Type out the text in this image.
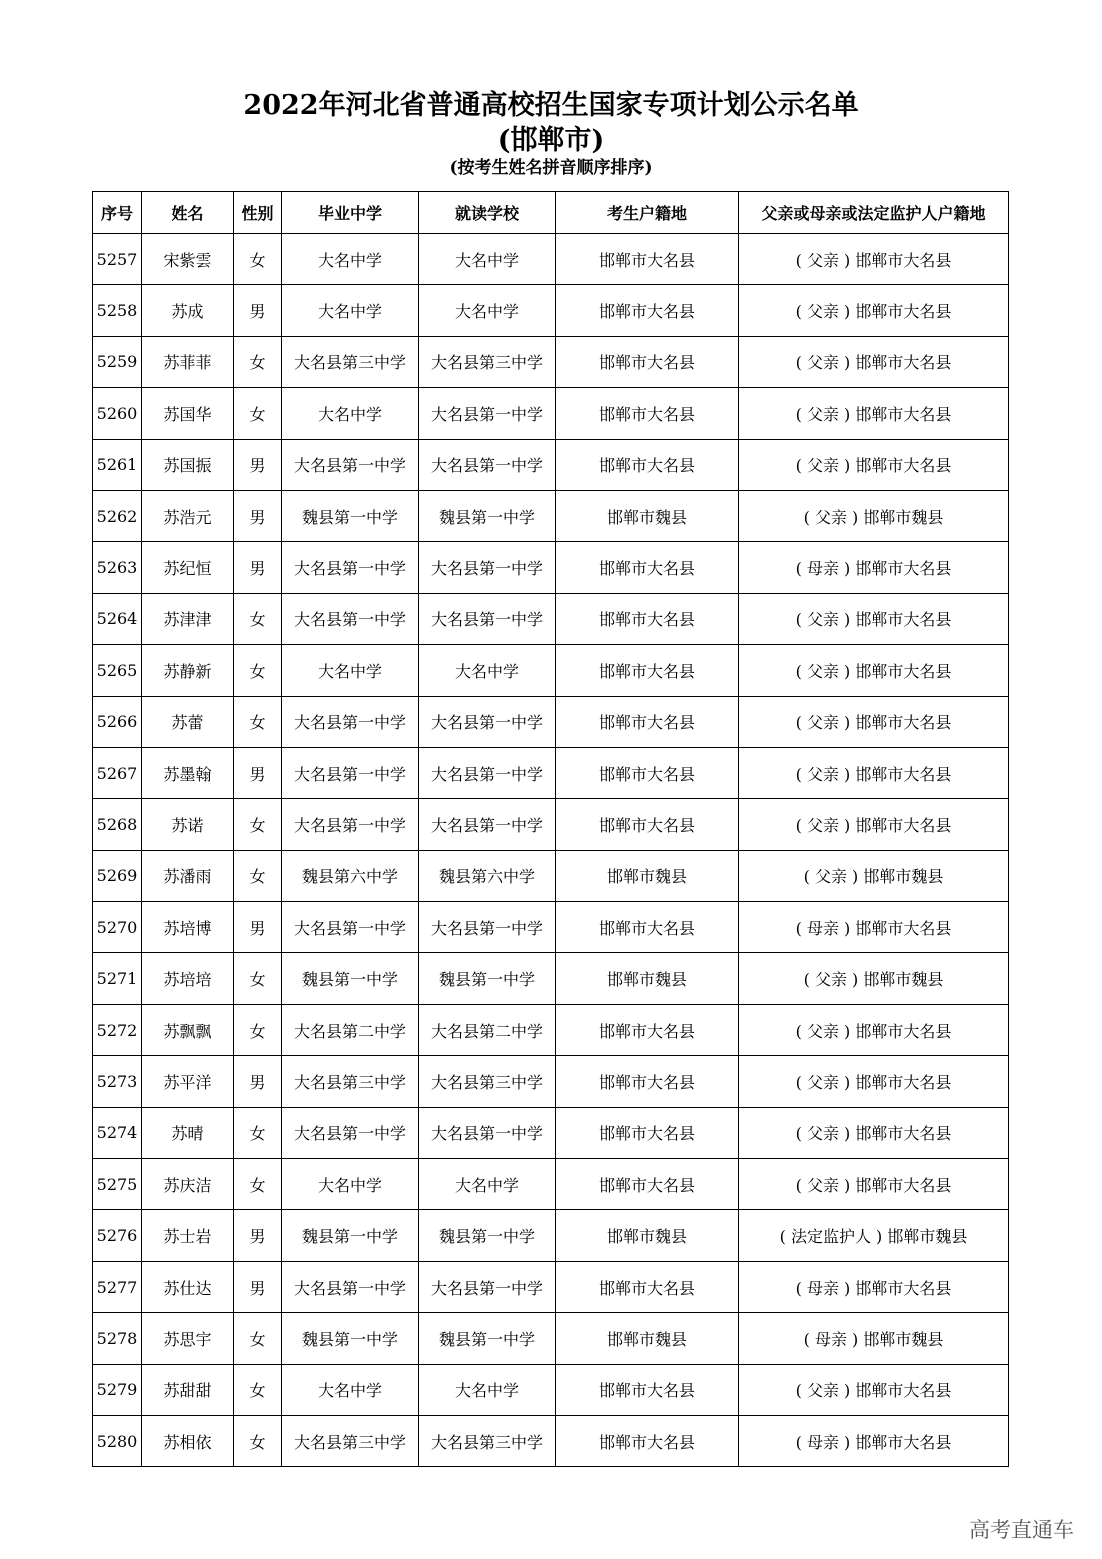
2022年河北省普通高校招生国家专项计划公示名单
(邯郸市)
(按考生姓名拼音顺序排序)
序号	姓名	性别	毕业中学	就读学校	考生户籍地	父亲或母亲或法定监护人户籍地
5257	宋紫雲	女	大名中学	大名中学	邯郸市大名县	( 父亲 ) 邯郸市大名县
5258	苏成	男	大名中学	大名中学	邯郸市大名县	( 父亲 ) 邯郸市大名县
5259	苏菲菲	女	大名县第三中学	大名县第三中学	邯郸市大名县	( 父亲 ) 邯郸市大名县
5260	苏国华	女	大名中学	大名县第一中学	邯郸市大名县	( 父亲 ) 邯郸市大名县
5261	苏国振	男	大名县第一中学	大名县第一中学	邯郸市大名县	( 父亲 ) 邯郸市大名县
5262	苏浩元	男	魏县第一中学	魏县第一中学	邯郸市魏县	( 父亲 ) 邯郸市魏县
5263	苏纪恒	男	大名县第一中学	大名县第一中学	邯郸市大名县	( 母亲 ) 邯郸市大名县
5264	苏津津	女	大名县第一中学	大名县第一中学	邯郸市大名县	( 父亲 ) 邯郸市大名县
5265	苏静新	女	大名中学	大名中学	邯郸市大名县	( 父亲 ) 邯郸市大名县
5266	苏蕾	女	大名县第一中学	大名县第一中学	邯郸市大名县	( 父亲 ) 邯郸市大名县
5267	苏墨翰	男	大名县第一中学	大名县第一中学	邯郸市大名县	( 父亲 ) 邯郸市大名县
5268	苏诺	女	大名县第一中学	大名县第一中学	邯郸市大名县	( 父亲 ) 邯郸市大名县
5269	苏潘雨	女	魏县第六中学	魏县第六中学	邯郸市魏县	( 父亲 ) 邯郸市魏县
5270	苏培博	男	大名县第一中学	大名县第一中学	邯郸市大名县	( 母亲 ) 邯郸市大名县
5271	苏培培	女	魏县第一中学	魏县第一中学	邯郸市魏县	( 父亲 ) 邯郸市魏县
5272	苏飘飘	女	大名县第二中学	大名县第二中学	邯郸市大名县	( 父亲 ) 邯郸市大名县
5273	苏平洋	男	大名县第三中学	大名县第三中学	邯郸市大名县	( 父亲 ) 邯郸市大名县
5274	苏晴	女	大名县第一中学	大名县第一中学	邯郸市大名县	( 父亲 ) 邯郸市大名县
5275	苏庆洁	女	大名中学	大名中学	邯郸市大名县	( 父亲 ) 邯郸市大名县
5276	苏士岩	男	魏县第一中学	魏县第一中学	邯郸市魏县	( 法定监护人 ) 邯郸市魏县
5277	苏仕达	男	大名县第一中学	大名县第一中学	邯郸市大名县	( 母亲 ) 邯郸市大名县
5278	苏思宇	女	魏县第一中学	魏县第一中学	邯郸市魏县	( 母亲 ) 邯郸市魏县
5279	苏甜甜	女	大名中学	大名中学	邯郸市大名县	( 父亲 ) 邯郸市大名县
5280	苏相依	女	大名县第三中学	大名县第三中学	邯郸市大名县	( 母亲 ) 邯郸市大名县
高考直通车
